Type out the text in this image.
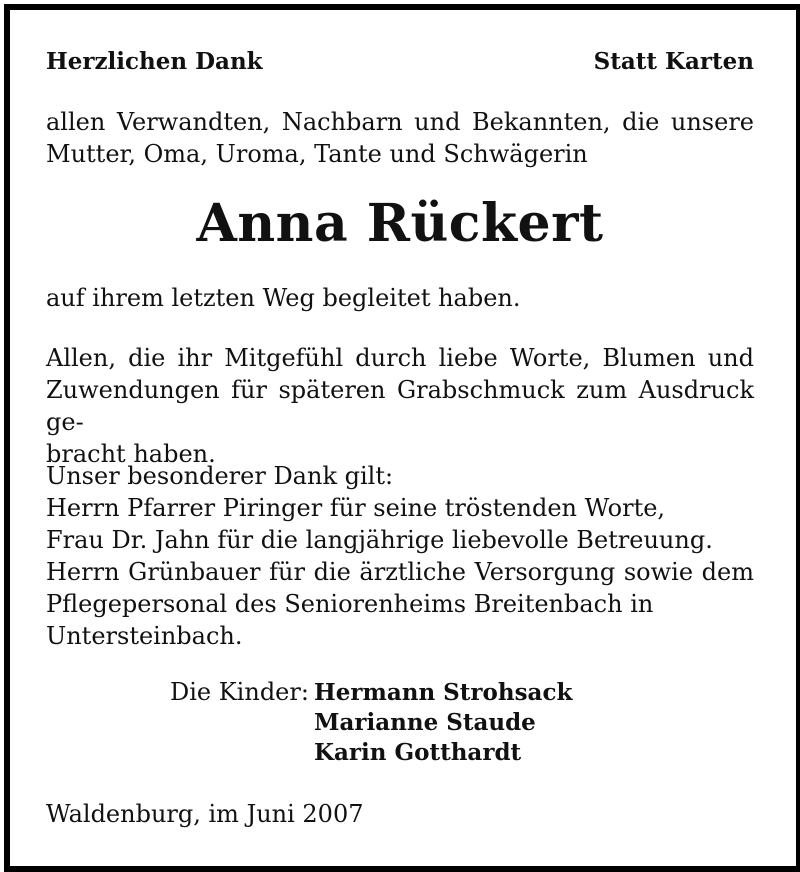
Herzlichen Dank	Statt Karten
allen Verwandten, Nachbarn und Bekannten, die unsere
Mutter, Oma, Uroma, Tante und Schwägerin
Anna Rückert
auf ihrem letzten Weg begleitet haben.
Allen, die ihr Mitgefühl durch liebe Worte, Blumen und
Zuwendungen für späteren Grabschmuck zum Ausdruck ge-
bracht haben.
Unser besonderer Dank gilt:
Herrn Pfarrer Piringer für seine tröstenden Worte,
Frau Dr. Jahn für die langjährige liebevolle Betreuung.
Herrn Grünbauer für die ärztliche Versorgung sowie dem
Pflegepersonal des Seniorenheims Breitenbach in
Untersteinbach.
Die Kinder: Hermann Strohsack
Marianne Staude
Karin Gotthardt
Waldenburg, im Juni 2007
